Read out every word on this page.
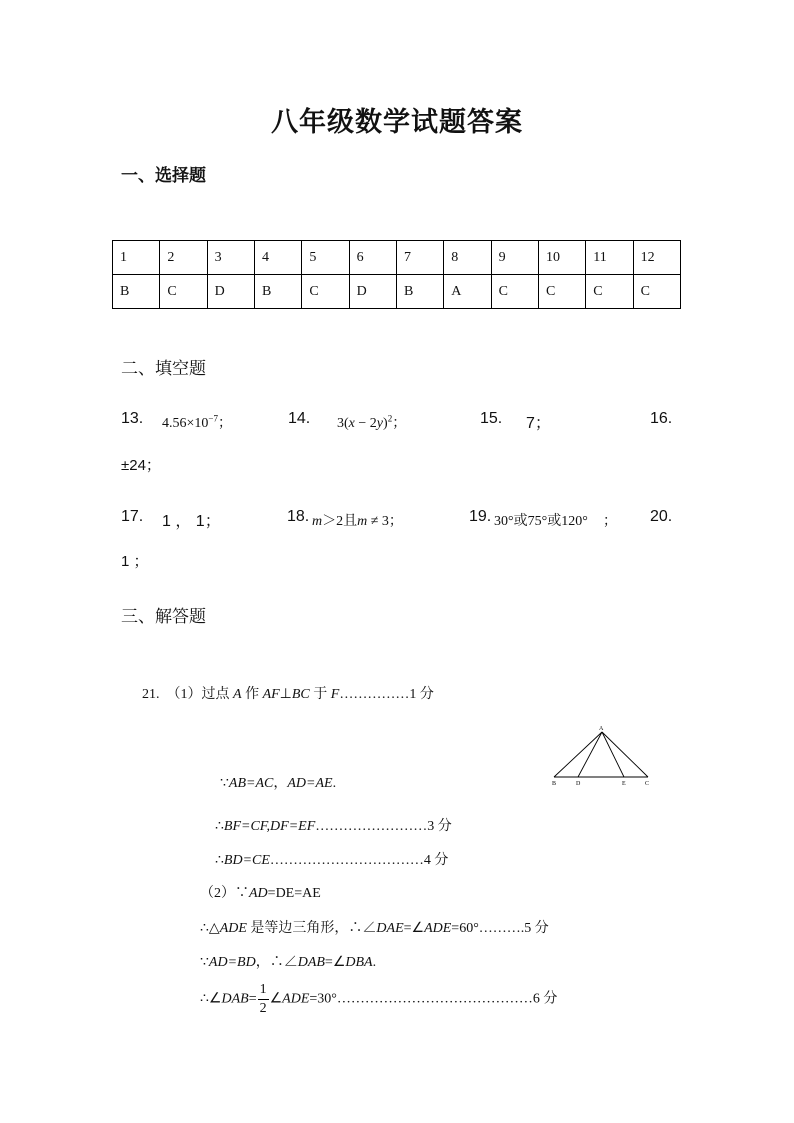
八年级数学试题答案
一、选择题
1	2	3	4	5	6	7	8	9	10	11	12
B	C	D	B	C	D	B	A	C	C	C	C
二、填空题
13. $4.56\times 10^{-7}$；	14. $3(x - 2y)^2$；	15. 7；	16.
±24；
17. 1 ， 1；	18. m＞2且m ≠ 3；	19. 30°或75°或120° ； 20.
1 ；
三、解答题
21. （1）过点 A 作 AF⊥BC 于 F……………1 分
A
B	D	E	C
∵AB=AC，AD=AE.
∴BF=CF,DF=EF……………………3 分
∴BD=CE……………………………4 分
（2）∵AD=DE=AE
∴△ADE 是等边三角形，∴∠DAE=∠ADE=60°……….5 分
∵AD=BD，∴∠DAB=∠DBA.
∴∠DAB= $\frac{1}{2}$ ∠ADE=30°……………………………………6 分
